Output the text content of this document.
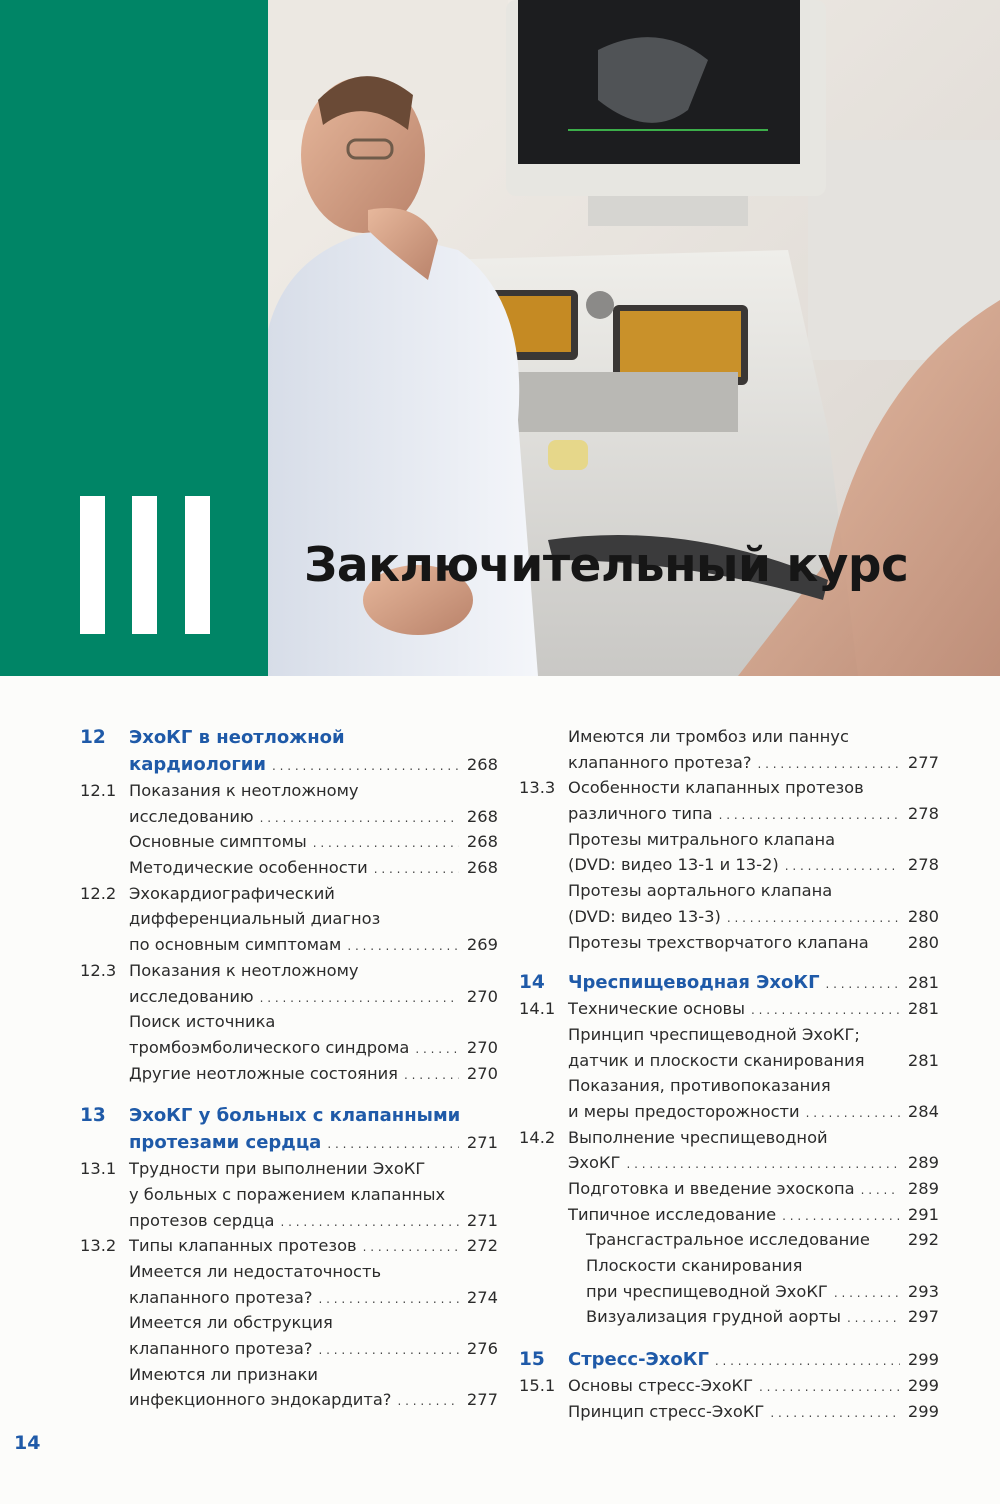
Заключительный курс
12	ЭхоКГ в неотложной
кардиологии . . .	268
12.1 Показания к неотложному
исследованию . . .	268
Основные симптомы . . .	268
Методические особенности . . .	268
12.2 Эхокардиографический
дифференциальный диагноз
по основным симптомам . . .	269
12.3 Показания к неотложному
исследованию . . .	270
Поиск источника
тромбоэмболического синдрома . . .	270
Другие неотложные состояния . . .	270
13	ЭхоКГ у больных с клапанными
протезами сердца . . .	271
13.1 Трудности при выполнении ЭхоКГ
у больных с поражением клапанных
протезов сердца . . .	271
13.2 Типы клапанных протезов . . .	272
Имеется ли недостаточность
клапанного протеза? . . .	274
Имеется ли обструкция
клапанного протеза? . . .	276
Имеются ли признаки
инфекционного эндокардита? . . .	277
Имеются ли тромбоз или паннус
клапанного протеза? . . .	277
13.3 Особенности клапанных протезов
различного типа . . .	278
Протезы митрального клапана
(DVD: видео 13-1 и 13-2) . . .	278
Протезы аортального клапана
(DVD: видео 13-3) . . .	280
Протезы трехстворчатого клапана 280
14	Чреспищеводная ЭхоКГ . . .	281
14.1 Технические основы . . .	281
Принцип чреспищеводной ЭхоКГ;
датчик и плоскости сканирования	281
Показания, противопоказания
и меры предосторожности . . .	284
14.2 Выполнение чреспищеводной
ЭхоКГ . . .	289
Подготовка и введение эхоскопа . . .	289
Типичное исследование . . .	291
Трансгастральное исследование 292
Плоскости сканирования
при чреспищеводной ЭхоКГ . . .	293
Визуализация грудной аорты . . .	297
15	Стресс-ЭхоКГ . . .	299
15.1 Основы стресс-ЭхоКГ . . .	299
Принцип стресс-ЭхоКГ . . .	299
14
